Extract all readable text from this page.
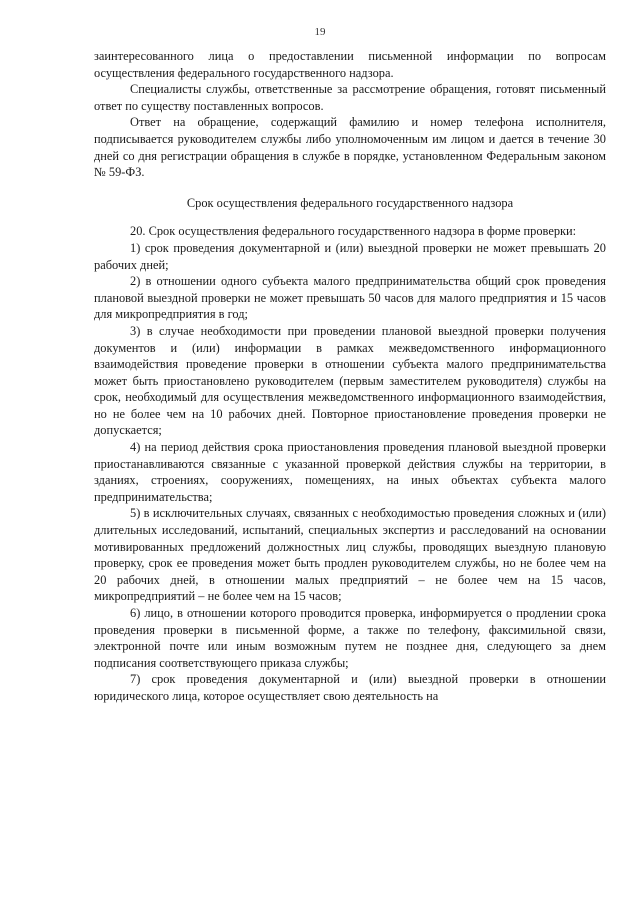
19

заинтересованного лица о предоставлении письменной информации по вопросам осуществления федерального государственного надзора.

Специалисты службы, ответственные за рассмотрение обращения, готовят письменный ответ по существу поставленных вопросов.

Ответ на обращение, содержащий фамилию и номер телефона исполнителя, подписывается руководителем службы либо уполномоченным им лицом и дается в течение 30 дней со дня регистрации обращения в службе в порядке, установленном Федеральным законом № 59-ФЗ.

Срок осуществления федерального государственного надзора

20. Срок осуществления федерального государственного надзора в форме проверки:

1) срок проведения документарной и (или) выездной проверки не может превышать 20 рабочих дней;

2) в отношении одного субъекта малого предпринимательства общий срок проведения плановой выездной проверки не может превышать 50 часов для малого предприятия и 15 часов для микропредприятия в год;

3) в случае необходимости при проведении плановой выездной проверки получения документов и (или) информации в рамках межведомственного информационного взаимодействия проведение проверки в отношении субъекта малого предпринимательства может быть приостановлено руководителем (первым заместителем руководителя) службы на срок, необходимый для осуществления межведомственного информационного взаимодействия, но не более чем на 10 рабочих дней. Повторное приостановление проведения проверки не допускается;

4) на период действия срока приостановления проведения плановой выездной проверки приостанавливаются связанные с указанной проверкой действия службы на территории, в зданиях, строениях, сооружениях, помещениях, на иных объектах субъекта малого предпринимательства;

5) в исключительных случаях, связанных с необходимостью проведения сложных и (или) длительных исследований, испытаний, специальных экспертиз и расследований на основании мотивированных предложений должностных лиц службы, проводящих выездную плановую проверку, срок ее проведения может быть продлен руководителем службы, но не более чем на 20 рабочих дней, в отношении малых предприятий – не более чем на 15 часов, микропредприятий – не более чем на 15 часов;

6) лицо, в отношении которого проводится проверка, информируется о продлении срока проведения проверки в письменной форме, а также по телефону, факсимильной связи, электронной почте или иным возможным путем не позднее дня, следующего за днем подписания соответствующего приказа службы;

7) срок проведения документарной и (или) выездной проверки в отношении юридического лица, которое осуществляет свою деятельность на
